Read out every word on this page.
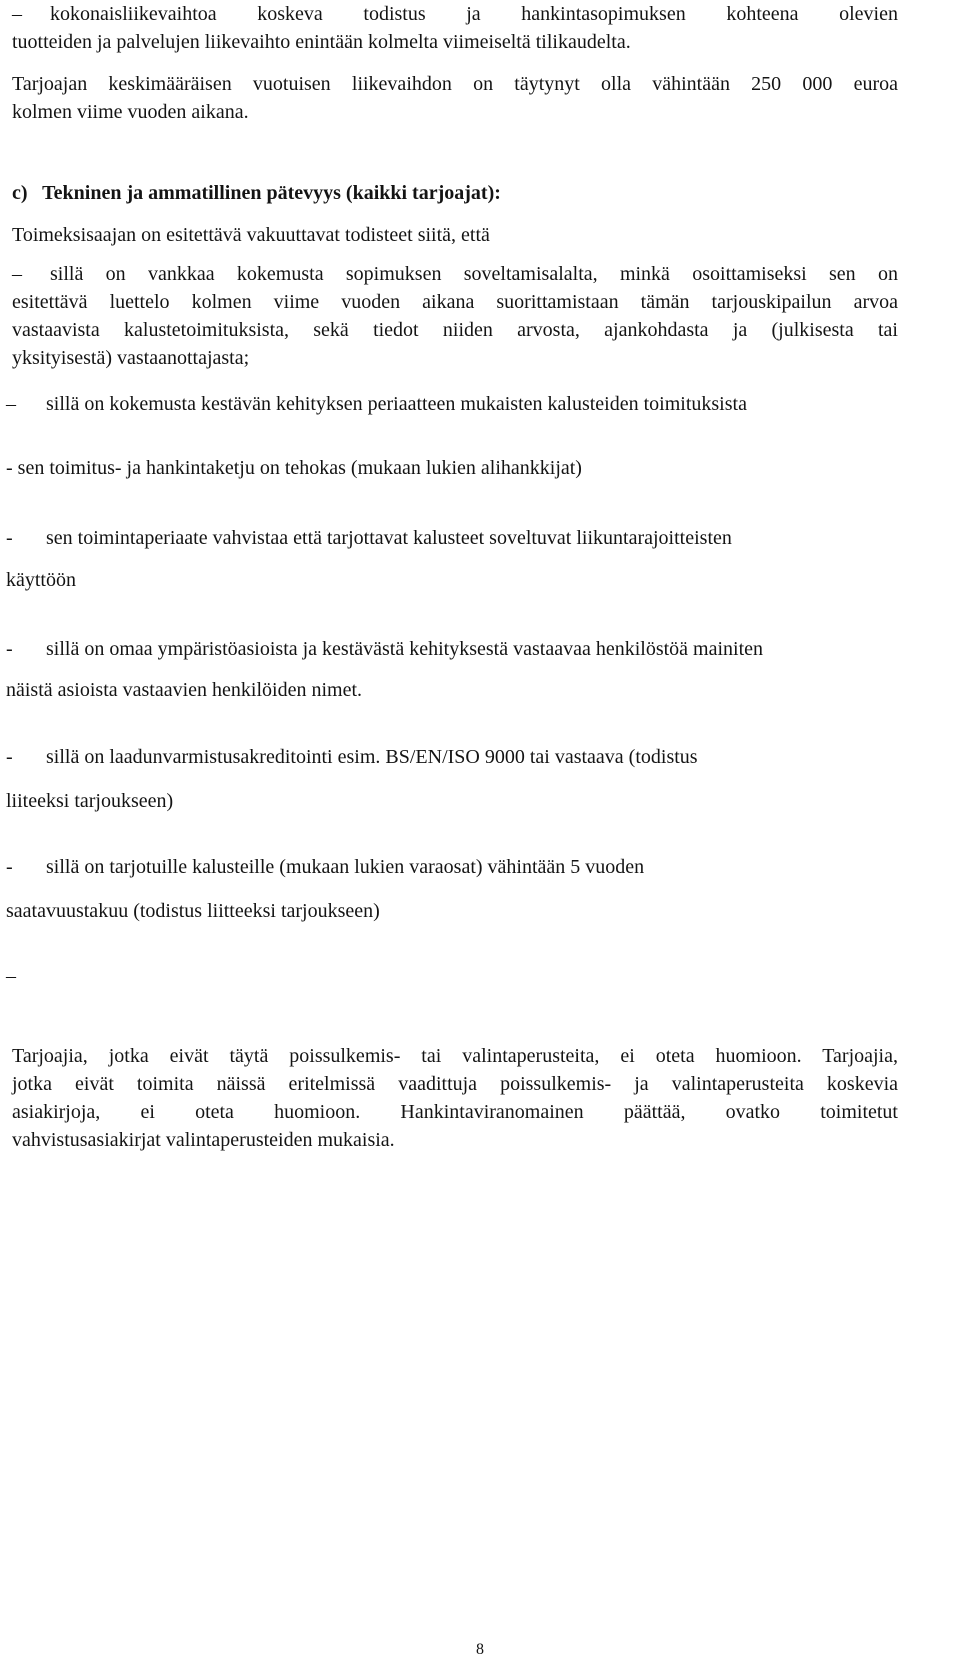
– kokonaisliikevaihtoa koskeva todistus ja hankintasopimuksen kohteena olevien
tuotteiden ja palvelujen liikevaihto enintään kolmelta viimeiseltä tilikaudelta.
Tarjoajan keskimääräisen vuotuisen liikevaihdon on täytynyt olla vähintään 250 000 euroa
kolmen viime vuoden aikana.
c)   Tekninen ja ammatillinen pätevyys (kaikki tarjoajat):
Toimeksisaajan on esitettävä vakuuttavat todisteet siitä, että
– sillä on vankkaa kokemusta sopimuksen soveltamisalalta, minkä osoittamiseksi sen on
esitettävä luettelo kolmen viime vuoden aikana suorittamistaan tämän tarjouskipailun arvoa
vastaavista kalustetoimituksista, sekä tiedot niiden arvosta, ajankohdasta ja (julkisesta tai
yksityisestä) vastaanottajasta;
– sillä on kokemusta kestävän kehityksen periaatteen mukaisten kalusteiden toimituksista
- sen toimitus- ja hankintaketju on tehokas (mukaan lukien alihankkijat)
- sen toimintaperiaate vahvistaa että tarjottavat kalusteet soveltuvat liikuntarajoitteisten
käyttöön
- sillä on omaa ympäristöasioista ja kestävästä kehityksestä vastaavaa henkilöstöä mainiten
näistä asioista vastaavien henkilöiden nimet.
- sillä on laadunvarmistusakreditointi esim. BS/EN/ISO 9000 tai vastaava (todistus
liiteeksi tarjoukseen)
- sillä on tarjotuille kalusteille (mukaan lukien varaosat) vähintään 5 vuoden
saatavuustakuu (todistus liitteeksi tarjoukseen)
–
Tarjoajia, jotka eivät täytä poissulkemis- tai valintaperusteita, ei oteta huomioon. Tarjoajia,
jotka eivät toimita näissä eritelmissä vaadittuja poissulkemis- ja valintaperusteita koskevia
asiakirjoja, ei oteta huomioon. Hankintaviranomainen päättää, ovatko toimitetut
vahvistusasiakirjat valintaperusteiden mukaisia.
8
